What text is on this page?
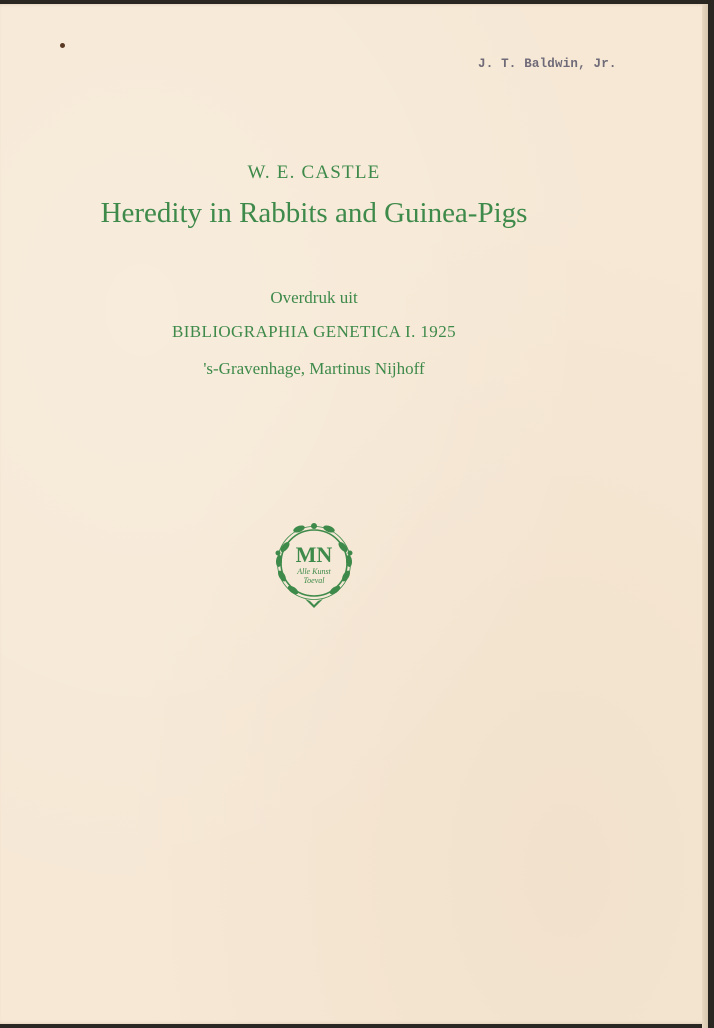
J. T. Baldwin, Jr.
W. E. CASTLE
Heredity in Rabbits and Guinea-Pigs
Overdruk uit
BIBLIOGRAPHIA GENETICA I. 1925
's-Gravenhage, Martinus Nijhoff
MN
Alle Kunst
Toeval
